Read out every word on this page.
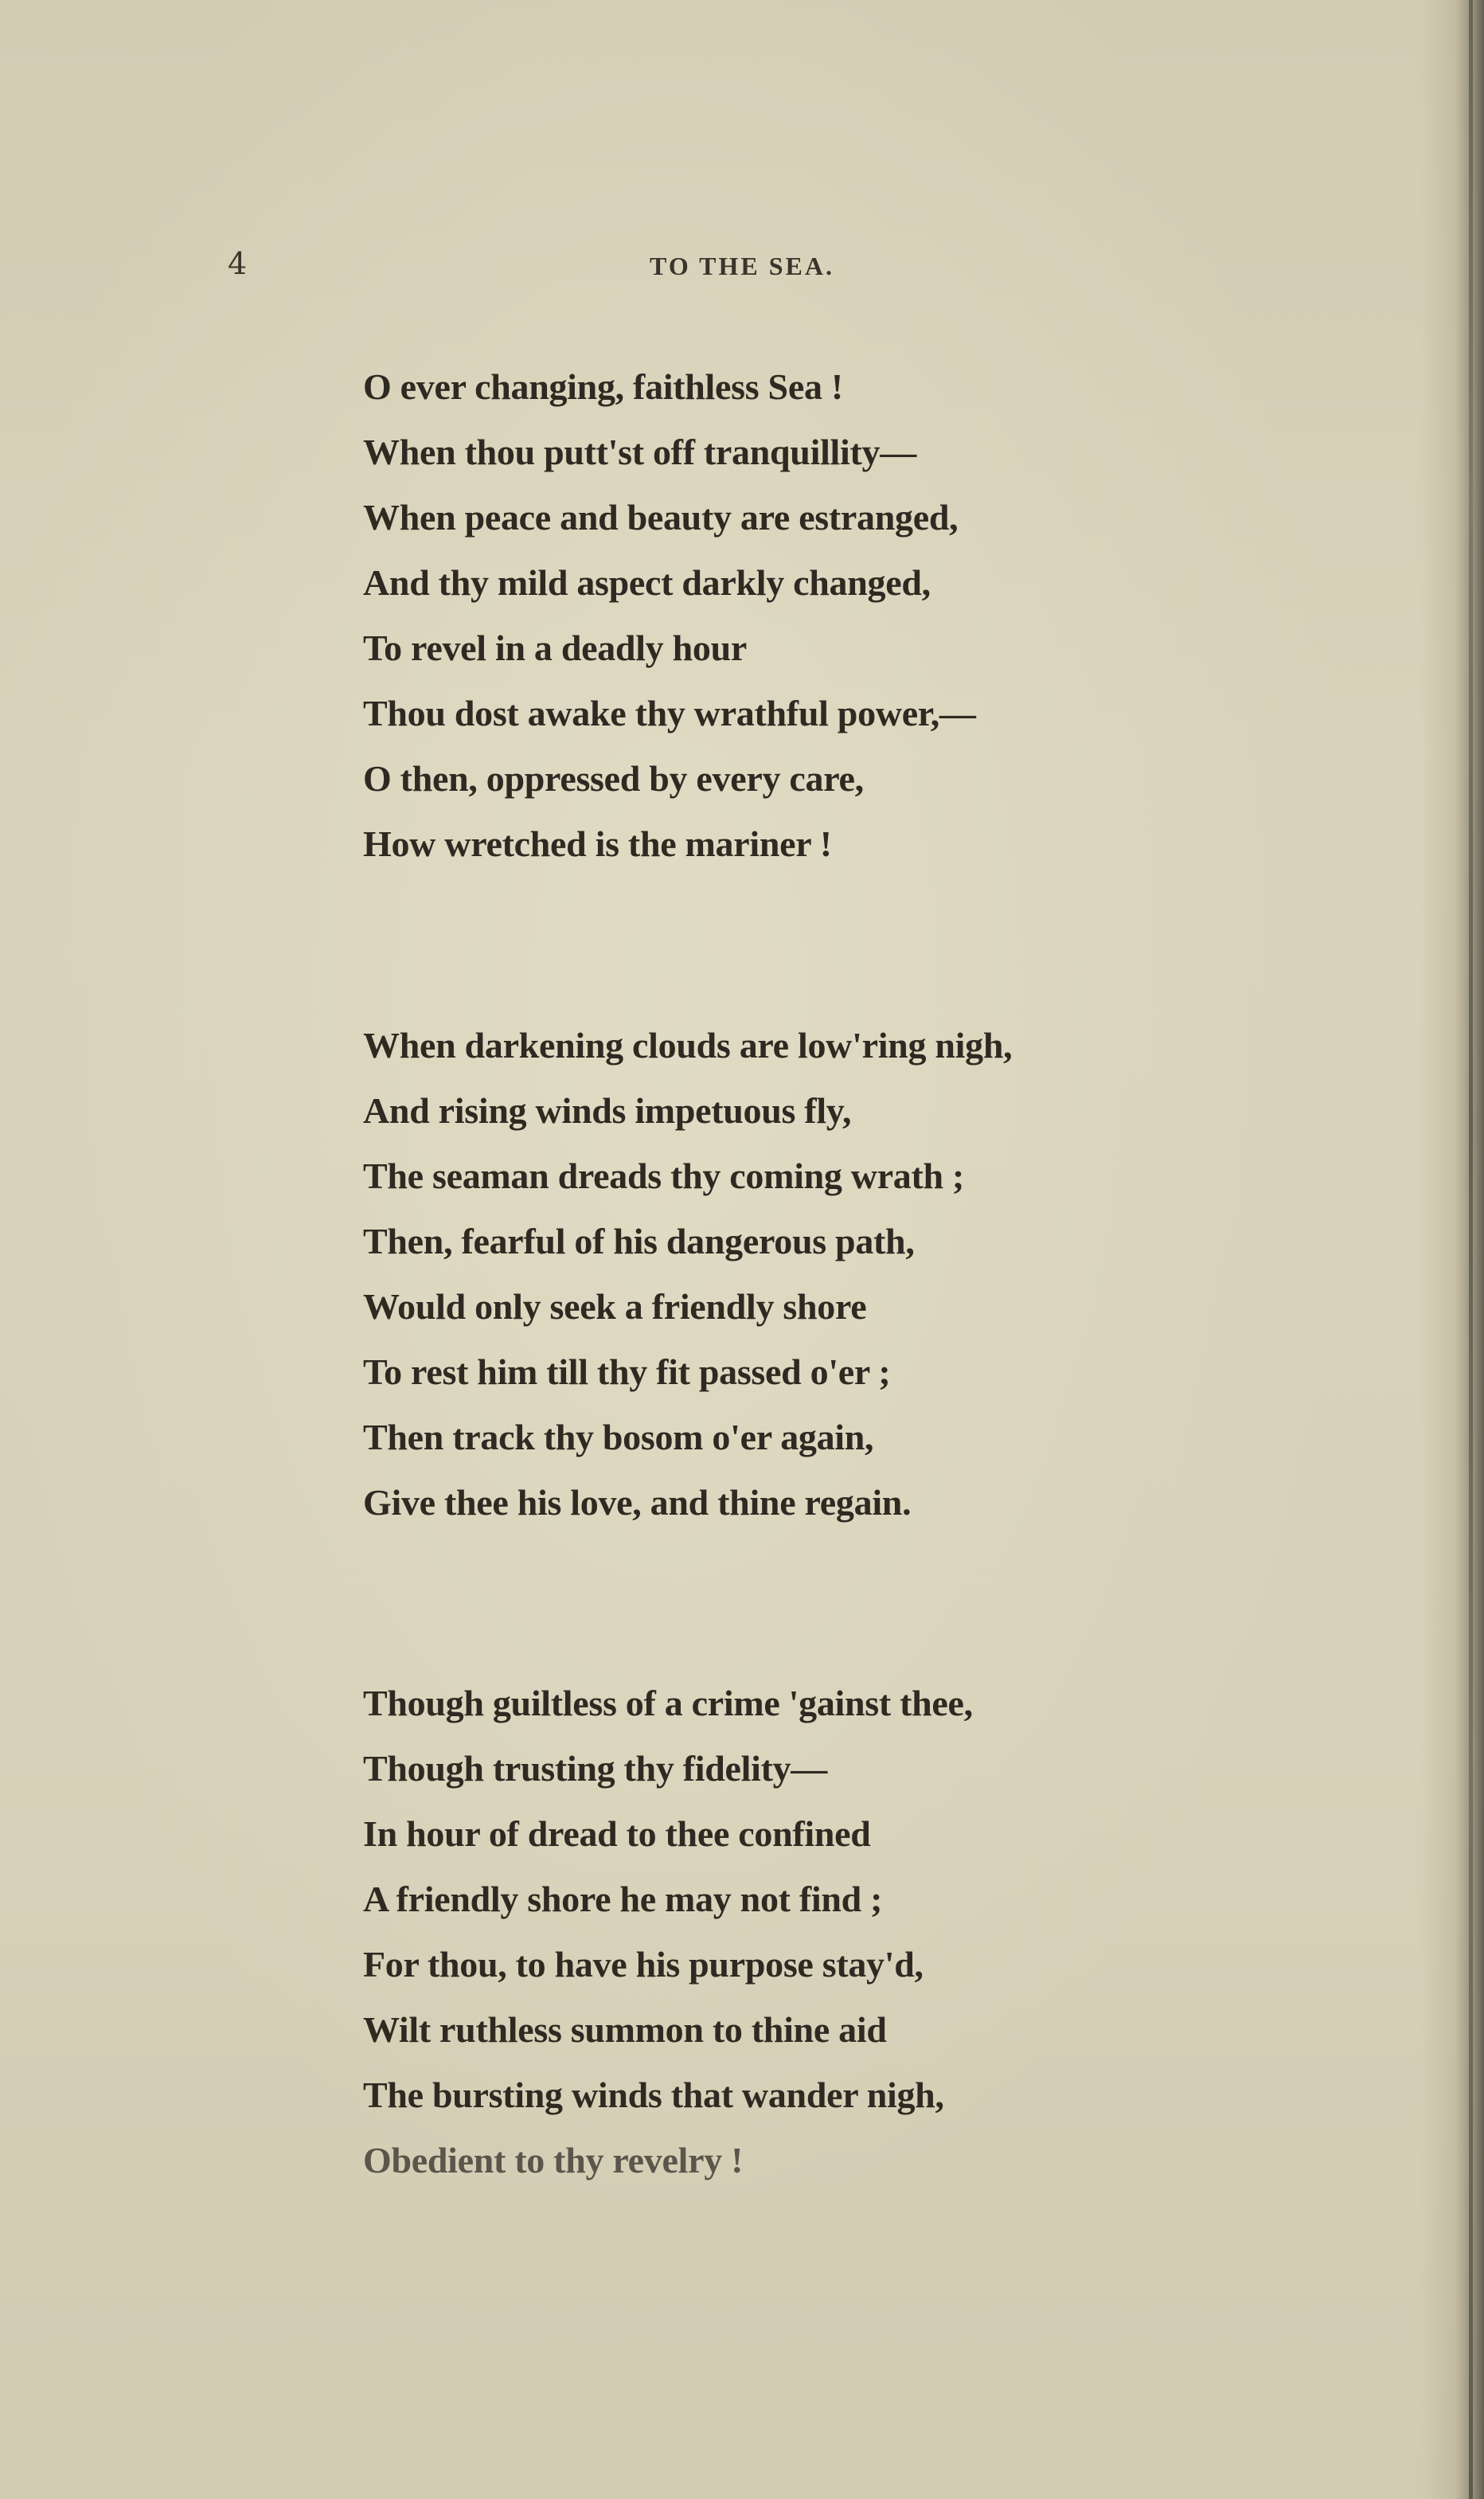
4	TO THE SEA.
O ever changing, faithless Sea !
When thou putt'st off tranquillity—
When peace and beauty are estranged,
And thy mild aspect darkly changed,
To revel in a deadly hour
Thou dost awake thy wrathful power,—
O then, oppressed by every care,
How wretched is the mariner !
When darkening clouds are low'ring nigh,
And rising winds impetuous fly,
The seaman dreads thy coming wrath ;
Then, fearful of his dangerous path,
Would only seek a friendly shore
To rest him till thy fit passed o'er ;
Then track thy bosom o'er again,
Give thee his love, and thine regain.
Though guiltless of a crime 'gainst thee,
Though trusting thy fidelity—
In hour of dread to thee confined
A friendly shore he may not find ;
For thou, to have his purpose stay'd,
Wilt ruthless summon to thine aid
The bursting winds that wander nigh,
Obedient to thy revelry !
